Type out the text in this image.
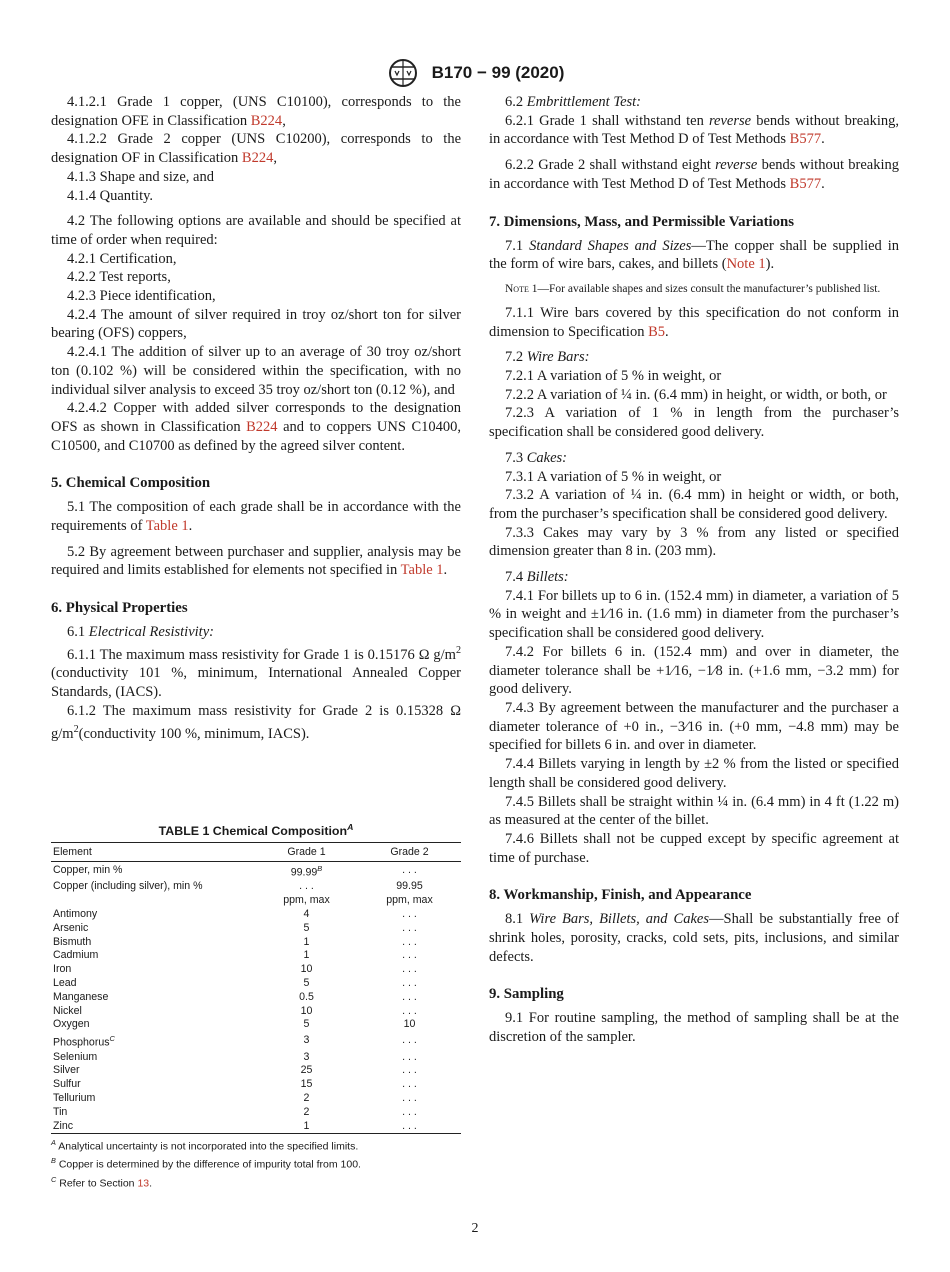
B170 − 99 (2020)

4.1.2.1 Grade 1 copper, (UNS C10100), corresponds to the designation OFE in Classification B224,

4.1.2.2 Grade 2 copper (UNS C10200), corresponds to the designation OF in Classification B224,

4.1.3 Shape and size, and

4.1.4 Quantity.

4.2 The following options are available and should be specified at time of order when required:

4.2.1 Certification,

4.2.2 Test reports,

4.2.3 Piece identification,

4.2.4 The amount of silver required in troy oz/short ton for silver bearing (OFS) coppers,

4.2.4.1 The addition of silver up to an average of 30 troy oz/short ton (0.102 %) will be considered within the specification, with no individual silver analysis to exceed 35 troy oz/short ton (0.12 %), and

4.2.4.2 Copper with added silver corresponds to the designation OFS as shown in Classification B224 and to coppers UNS C10400, C10500, and C10700 as defined by the agreed silver content.

5. Chemical Composition

5.1 The composition of each grade shall be in accordance with the requirements of Table 1.

5.2 By agreement between purchaser and supplier, analysis may be required and limits established for elements not specified in Table 1.

6. Physical Properties

6.1 Electrical Resistivity:

6.1.1 The maximum mass resistivity for Grade 1 is 0.15176 Ω $g/m^2$ (conductivity 101 %, minimum, International Annealed Copper Standards, (IACS).

6.1.2 The maximum mass resistivity for Grade 2 is 0.15328 Ω $g/m^2(conductivity$ 100 %, minimum, IACS).

TABLE 1 Chemical Composition$^A$
Element	Grade 1	Grade 2

Copper, min %	$99.99^B$	. . .
Copper (including silver), min %	. . .	99.95
	ppm, max	ppm, max
Antimony	4	. . .
Arsenic	5	. . .
Bismuth	1	. . .
Cadmium	1	. . .
Iron	10	. . .
Lead	5	. . .
Manganese	0.5	. . .
Nickel	10	. . .
Oxygen	5	10
Phosphorus$^C$	3	. . .
Selenium	3	. . .
Silver	25	. . .
Sulfur	15	. . .
Tellurium	2	. . .
Tin	2	. . .
Zinc	1	. . .

$^A$ Analytical uncertainty is not incorporated into the specified limits.

$^B$ Copper is determined by the difference of impurity total from 100.

$^C$ Refer to Section 13.

6.2 Embrittlement Test:

6.2.1 Grade 1 shall withstand ten reverse bends without breaking, in accordance with Test Method D of Test Methods B577.

6.2.2 Grade 2 shall withstand eight reverse bends without breaking in accordance with Test Method D of Test Methods B577.

7. Dimensions, Mass, and Permissible Variations

7.1 Standard Shapes and Sizes—The copper shall be supplied in the form of wire bars, cakes, and billets (Note 1).

Note 1—For available shapes and sizes consult the manufacturer’s published list.

7.1.1 Wire bars covered by this specification do not conform in dimension to Specification B5.

7.2 Wire Bars:

7.2.1 A variation of 5 % in weight, or

7.2.2 A variation of ¼ in. (6.4 mm) in height, or width, or both, or

7.2.3 A variation of 1 % in length from the purchaser’s specification shall be considered good delivery.

7.3 Cakes:

7.3.1 A variation of 5 % in weight, or

7.3.2 A variation of ¼ in. (6.4 mm) in height or width, or both, from the purchaser’s specification shall be considered good delivery.

7.3.3 Cakes may vary by 3 % from any listed or specified dimension greater than 8 in. (203 mm).

7.4 Billets:

7.4.1 For billets up to 6 in. (152.4 mm) in diameter, a variation of 5 % in weight and ±1⁄16 in. (1.6 mm) in diameter from the purchaser’s specification shall be considered good delivery.

7.4.2 For billets 6 in. (152.4 mm) and over in diameter, the diameter tolerance shall be +1⁄16, −1⁄8 in. (+1.6 mm, −3.2 mm) for good delivery.

7.4.3 By agreement between the manufacturer and the purchaser a diameter tolerance of +0 in., −3⁄16 in. (+0 mm, −4.8 mm) may be specified for billets 6 in. and over in diameter.

7.4.4 Billets varying in length by ±2 % from the listed or specified length shall be considered good delivery.

7.4.5 Billets shall be straight within ¼ in. (6.4 mm) in 4 ft (1.22 m) as measured at the center of the billet.

7.4.6 Billets shall not be cupped except by specific agreement at time of purchase.

8. Workmanship, Finish, and Appearance

8.1 Wire Bars, Billets, and Cakes—Shall be substantially free of shrink holes, porosity, cracks, cold sets, pits, inclusions, and similar defects.

9. Sampling

9.1 For routine sampling, the method of sampling shall be at the discretion of the sampler.

2
